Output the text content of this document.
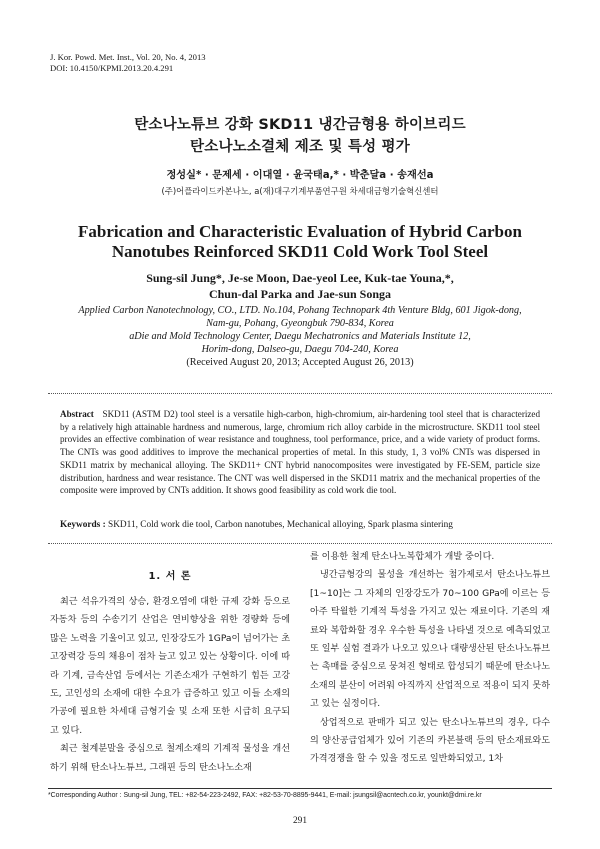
J. Kor. Powd. Met. Inst., Vol. 20, No. 4, 2013
DOI: 10.4150/KPMI.2013.20.4.291
탄소나노튜브 강화 SKD11 냉간금형용 하이브리드
탄소나노소결체 제조 및 특성 평가
정성실* · 문제세 · 이대열 · 윤국태a,* · 박춘달a · 송재선a
(주)어플라이드카본나노, a(재)대구기계부품연구원 차세대금형기술혁신센터
Fabrication and Characteristic Evaluation of Hybrid Carbon
Nanotubes Reinforced SKD11 Cold Work Tool Steel
Sung-sil Jung*, Je-se Moon, Dae-yeol Lee, Kuk-tae Youna,*,
Chun-dal Parka and Jae-sun Songa
Applied Carbon Nanotechnology, CO., LTD. No.104, Pohang Technopark 4th Venture Bldg, 601 Jigok-dong,
Nam-gu, Pohang, Gyeongbuk 790-834, Korea
aDie and Mold Technology Center, Daegu Mechatronics and Materials Institute 12,
Horim-dong, Dalseo-gu, Daegu 704-240, Korea
(Received August 20, 2013; Accepted August 26, 2013)
Abstract SKD11 (ASTM D2) tool steel is a versatile high-carbon, high-chromium, air-hardening tool steel that is characterized by a relatively high attainable hardness and numerous, large, chromium rich alloy carbide in the microstructure. SKD11 tool steel provides an effective combination of wear resistance and toughness, tool performance, price, and a wide variety of product forms. The CNTs was good additives to improve the mechanical properties of metal. In this study, 1, 3 vol% CNTs was dispersed in SKD11 matrix by mechanical alloying. The SKD11+ CNT hybrid nanocomposites were investigated by FE-SEM, particle size distribution, hardness and wear resistance. The CNT was well dispersed in the SKD11 matrix and the mechanical properties of the composite were improved by CNTs addition. It shows good feasibility as cold work die tool.
Keywords : SKD11, Cold work die tool, Carbon nanotubes, Mechanical alloying, Spark plasma sintering
1. 서 론

최근 석유가격의 상승, 환경오염에 대한 규제 강화 등으로 자동차 등의 수송기기 산업은 연비향상을 위한 경량화 등에 많은 노력을 기울이고 있고, 인장강도가 1GPa이 넘어가는 초고장력강 등의 채용이 점차 늘고 있고 있는 상황이다. 이에 따라 기계, 금속산업 등에서는 기존소재가 구현하기 힘든 고강도, 고인성의 소재에 대한 수요가 급증하고 있고 이들 소재의 가공에 필요한 차세대 금형기술 및 소재 또한 시급히 요구되고 있다.

최근 철계분말을 중심으로 철계소재의 기계적 물성을 개선하기 위해 탄소나노튜브, 그래핀 등의 탄소나노소재

를 이용한 철계 탄소나노복합체가 개발 중이다.

냉간금형강의 물성을 개선하는 첨가제로서 탄소나노튜브[1~10]는 그 자체의 인장강도가 70~100 GPa에 이르는 등 아주 탁월한 기계적 특성을 가지고 있는 재료이다. 기존의 재료와 복합화할 경우 우수한 특성을 나타낼 것으로 예측되었고 또 일부 실험 결과가 나오고 있으나 대량생산된 탄소나노튜브는 촉매를 중심으로 뭉쳐진 형태로 합성되기 때문에 탄소나노소재의 분산이 어려워 아직까지 산업적으로 적용이 되지 못하고 있는 실정이다.

상업적으로 판매가 되고 있는 탄소나노튜브의 경우, 다수의 양산공급업체가 있어 기존의 카본블랙 등의 탄소재료와도 가격경쟁을 할 수 있을 정도로 일반화되었고, 1차

*Corresponding Author : Sung-sil Jung, TEL: +82-54-223-2492, FAX: +82-53-70-8895-9441, E-mail: jsungsil@acntech.co.kr, younkt@dmi.re.kr
291
